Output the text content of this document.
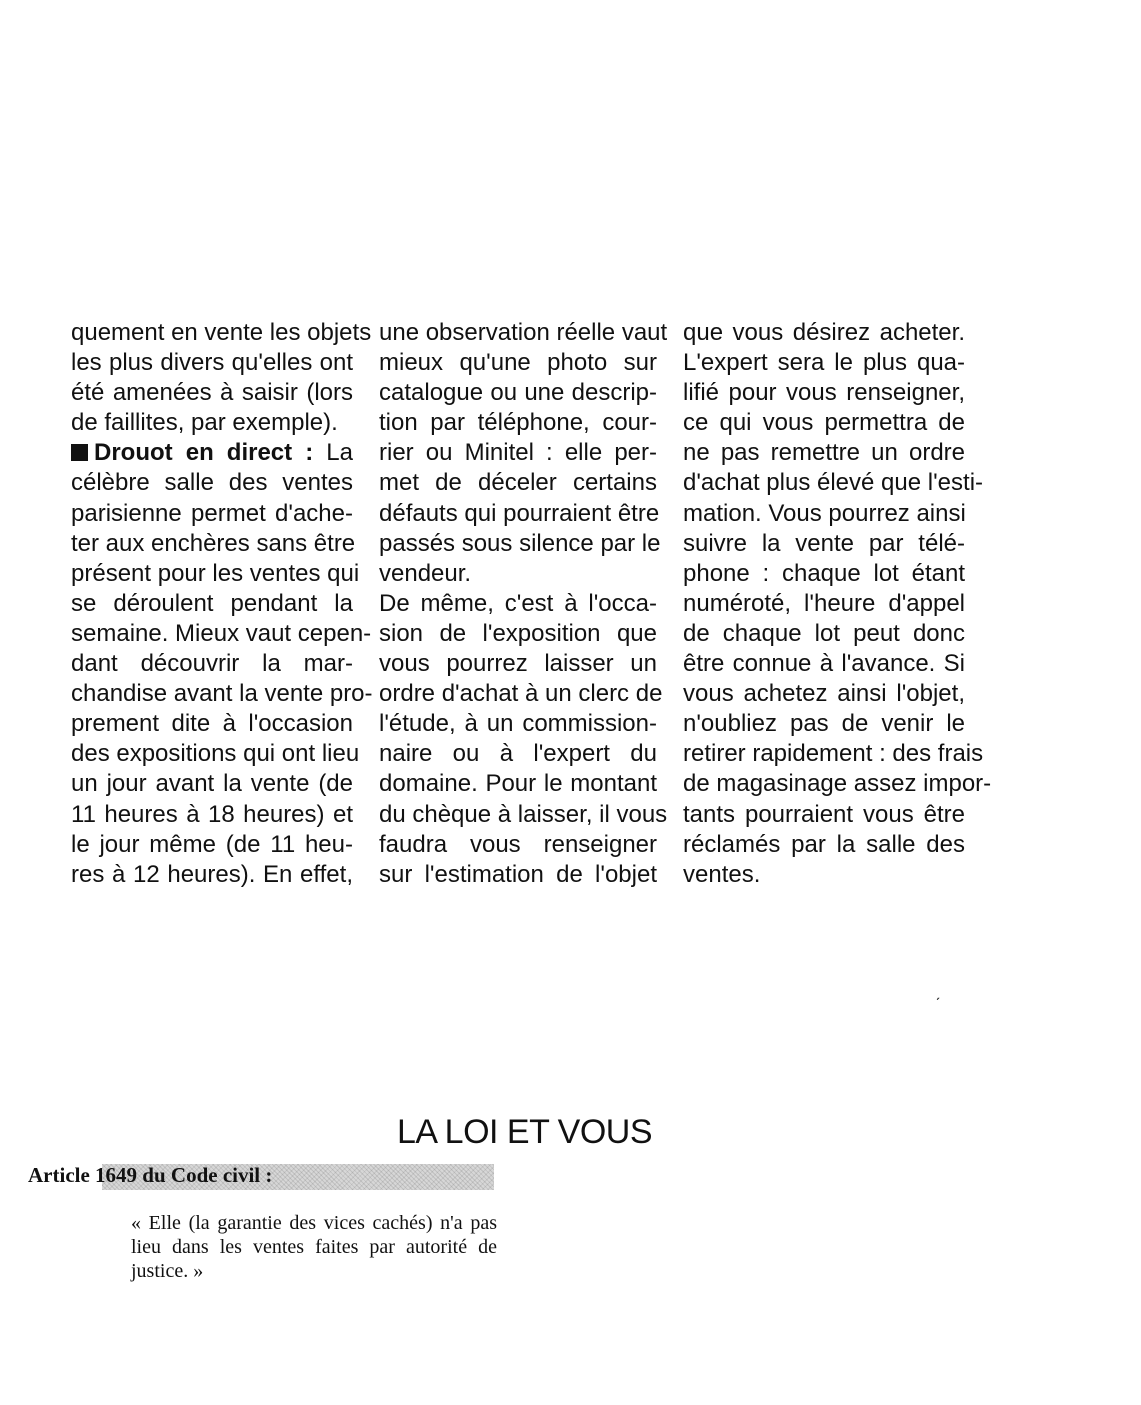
quement en vente les objets
les plus divers qu'elles ont
été amenées à saisir (lors
de faillites, par exemple).
Drouot en direct : La
célèbre salle des ventes
parisienne permet d'ache-
ter aux enchères sans être
présent pour les ventes qui
se déroulent pendant la
semaine. Mieux vaut cepen-
dant découvrir la mar-
chandise avant la vente pro-
prement dite à l'occasion
des expositions qui ont lieu
un jour avant la vente (de
11 heures à 18 heures) et
le jour même (de 11 heu-
res à 12 heures). En effet,
une observation réelle vaut
mieux qu'une photo sur
catalogue ou une descrip-
tion par téléphone, cour-
rier ou Minitel : elle per-
met de déceler certains
défauts qui pourraient être
passés sous silence par le
vendeur.
De même, c'est à l'occa-
sion de l'exposition que
vous pourrez laisser un
ordre d'achat à un clerc de
l'étude, à un commission-
naire ou à l'expert du
domaine. Pour le montant
du chèque à laisser, il vous
faudra vous renseigner
sur l'estimation de l'objet
que vous désirez acheter.
L'expert sera le plus qua-
lifié pour vous renseigner,
ce qui vous permettra de
ne pas remettre un ordre
d'achat plus élevé que l'esti-
mation. Vous pourrez ainsi
suivre la vente par télé-
phone : chaque lot étant
numéroté, l'heure d'appel
de chaque lot peut donc
être connue à l'avance. Si
vous achetez ainsi l'objet,
n'oubliez pas de venir le
retirer rapidement : des frais
de magasinage assez impor-
tants pourraient vous être
réclamés par la salle des
ventes.
ˏ
LA LOI ET VOUS
Article 1649 du Code civil :
« Elle (la garantie des vices cachés) n'a pas
lieu dans les ventes faites par autorité de
justice. »
